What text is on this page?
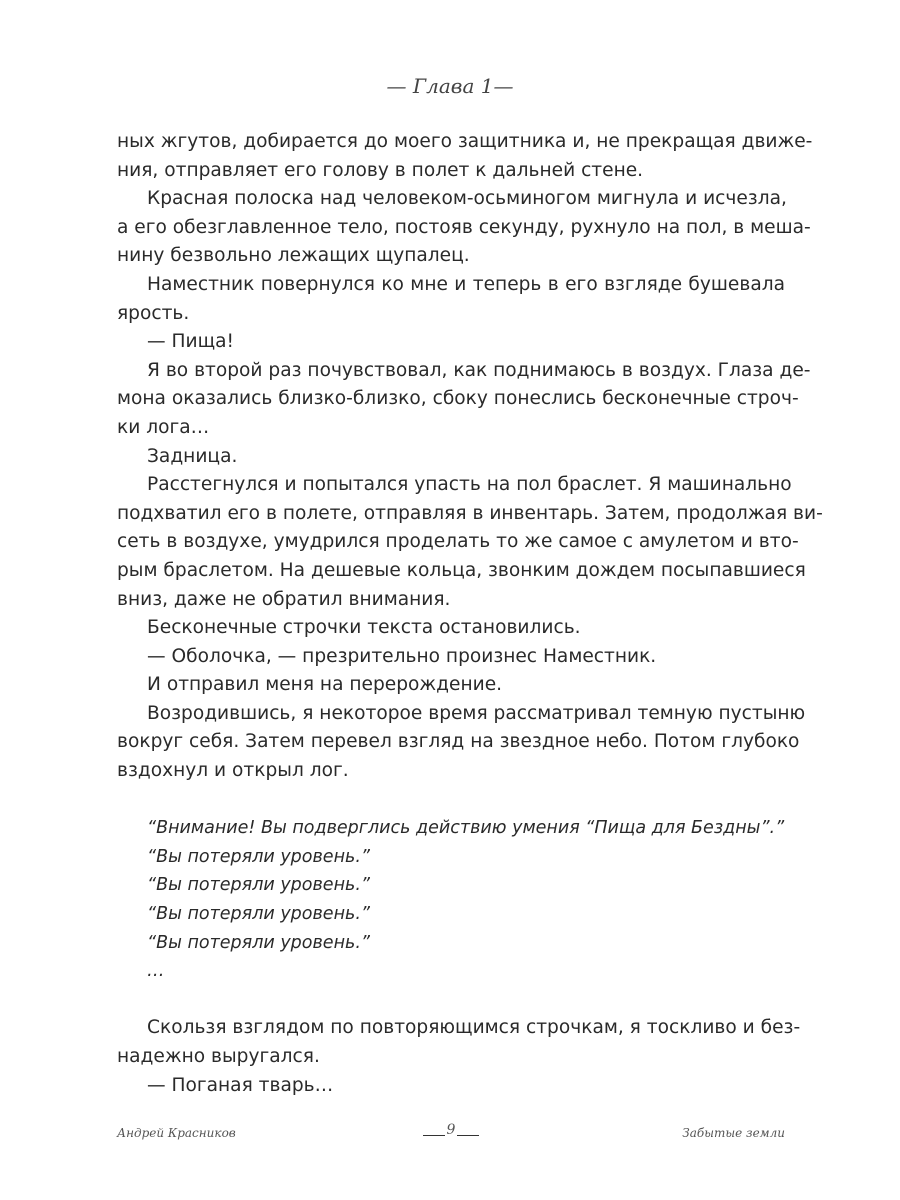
— Глава 1—
ных жгутов, добирается до моего защитника и, не прекращая движе-
ния, отправляет его голову в полет к дальней стене.
Красная полоска над человеком-осьминогом мигнула и исчезла,
а его обезглавленное тело, постояв секунду, рухнуло на пол, в меша-
нину безвольно лежащих щупалец.
Наместник повернулся ко мне и теперь в его взгляде бушевала
ярость.
— Пища!
Я во второй раз почувствовал, как поднимаюсь в воздух. Глаза де-
мона оказались близко-близко, сбоку понеслись бесконечные строч-
ки лога…
Задница.
Расстегнулся и попытался упасть на пол браслет. Я машинально
подхватил его в полете, отправляя в инвентарь. Затем, продолжая ви-
сеть в воздухе, умудрился проделать то же самое с амулетом и вто-
рым браслетом. На дешевые кольца, звонким дождем посыпавшиеся
вниз, даже не обратил внимания.
Бесконечные строчки текста остановились.
— Оболочка, — презрительно произнес Наместник.
И отправил меня на перерождение.
Возродившись, я некоторое время рассматривал темную пустыню
вокруг себя. Затем перевел взгляд на звездное небо. Потом глубоко
вздохнул и открыл лог.
“Внимание! Вы подверглись действию умения “Пища для Бездны”.”
“Вы потеряли уровень.”
“Вы потеряли уровень.”
“Вы потеряли уровень.”
“Вы потеряли уровень.”
…
Скользя взглядом по повторяющимся строчкам, я тоскливо и без-
надежно выругался.
— Поганая тварь…
Андрей Красников	9	Забытые земли
